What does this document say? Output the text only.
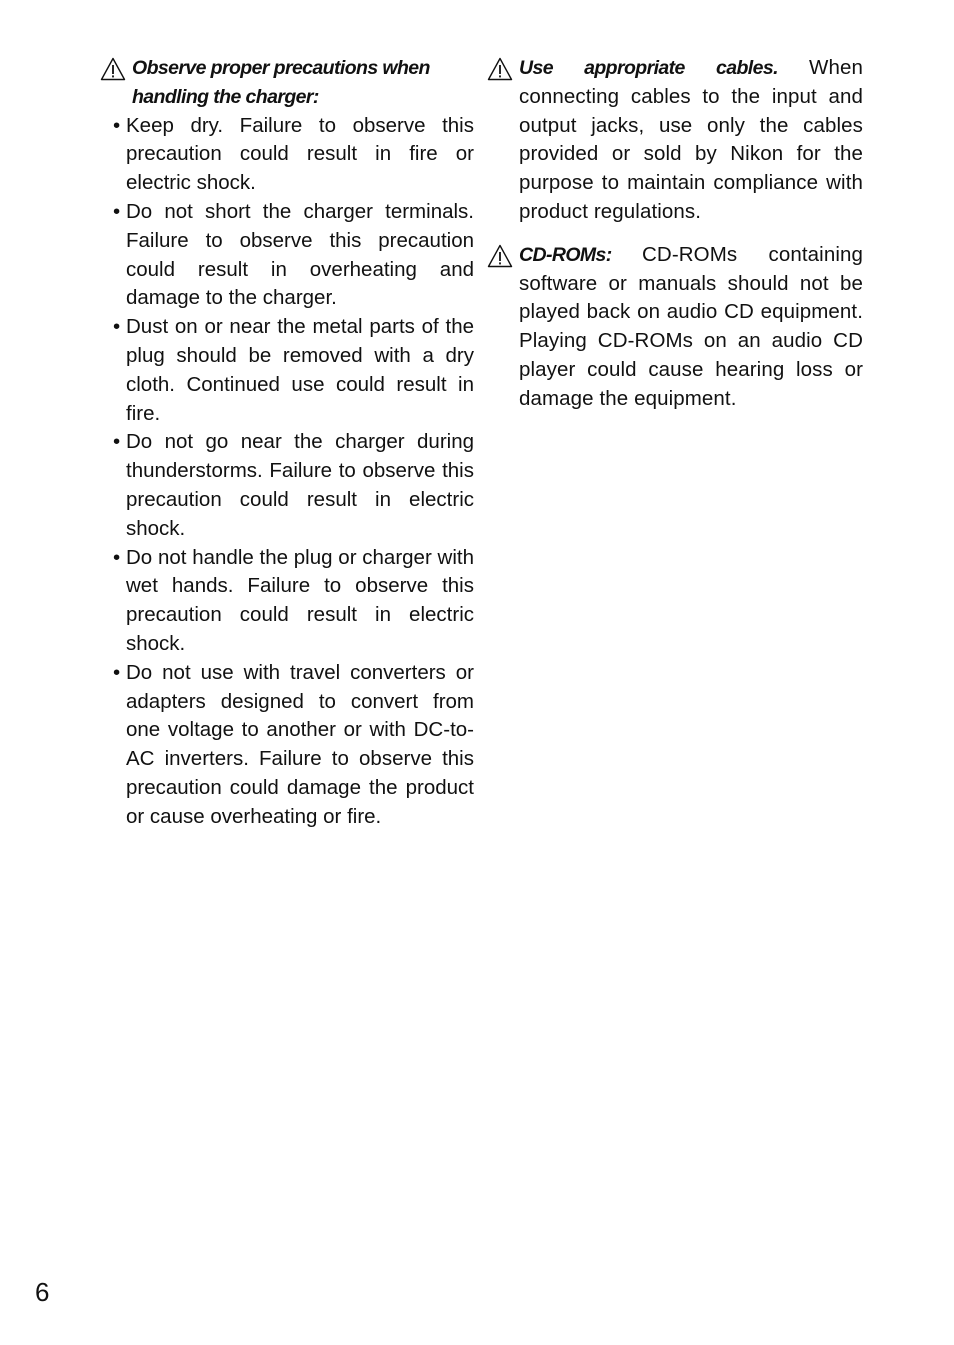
Observe proper precautions when handling the charger:
• Keep dry. Failure to observe this precaution could result in fire or electric shock.
• Do not short the charger terminals. Failure to observe this precaution could result in overheating and damage to the charger.
• Dust on or near the metal parts of the plug should be removed with a dry cloth. Continued use could result in fire.
• Do not go near the charger during thunderstorms. Failure to observe this precaution could result in electric shock.
• Do not handle the plug or charger with wet hands. Failure to observe this precaution could result in electric shock.
• Do not use with travel converters or adapters designed to convert from one voltage to another or with DC-to-AC inverters. Failure to observe this precaution could damage the product or cause overheating or fire.
Use appropriate cables. When connecting cables to the input and output jacks, use only the cables provided or sold by Nikon for the purpose to maintain compliance with product regulations.
CD-ROMs: CD-ROMs containing software or manuals should not be played back on audio CD equipment. Playing CD-ROMs on an audio CD player could cause hearing loss or damage the equipment.
6
